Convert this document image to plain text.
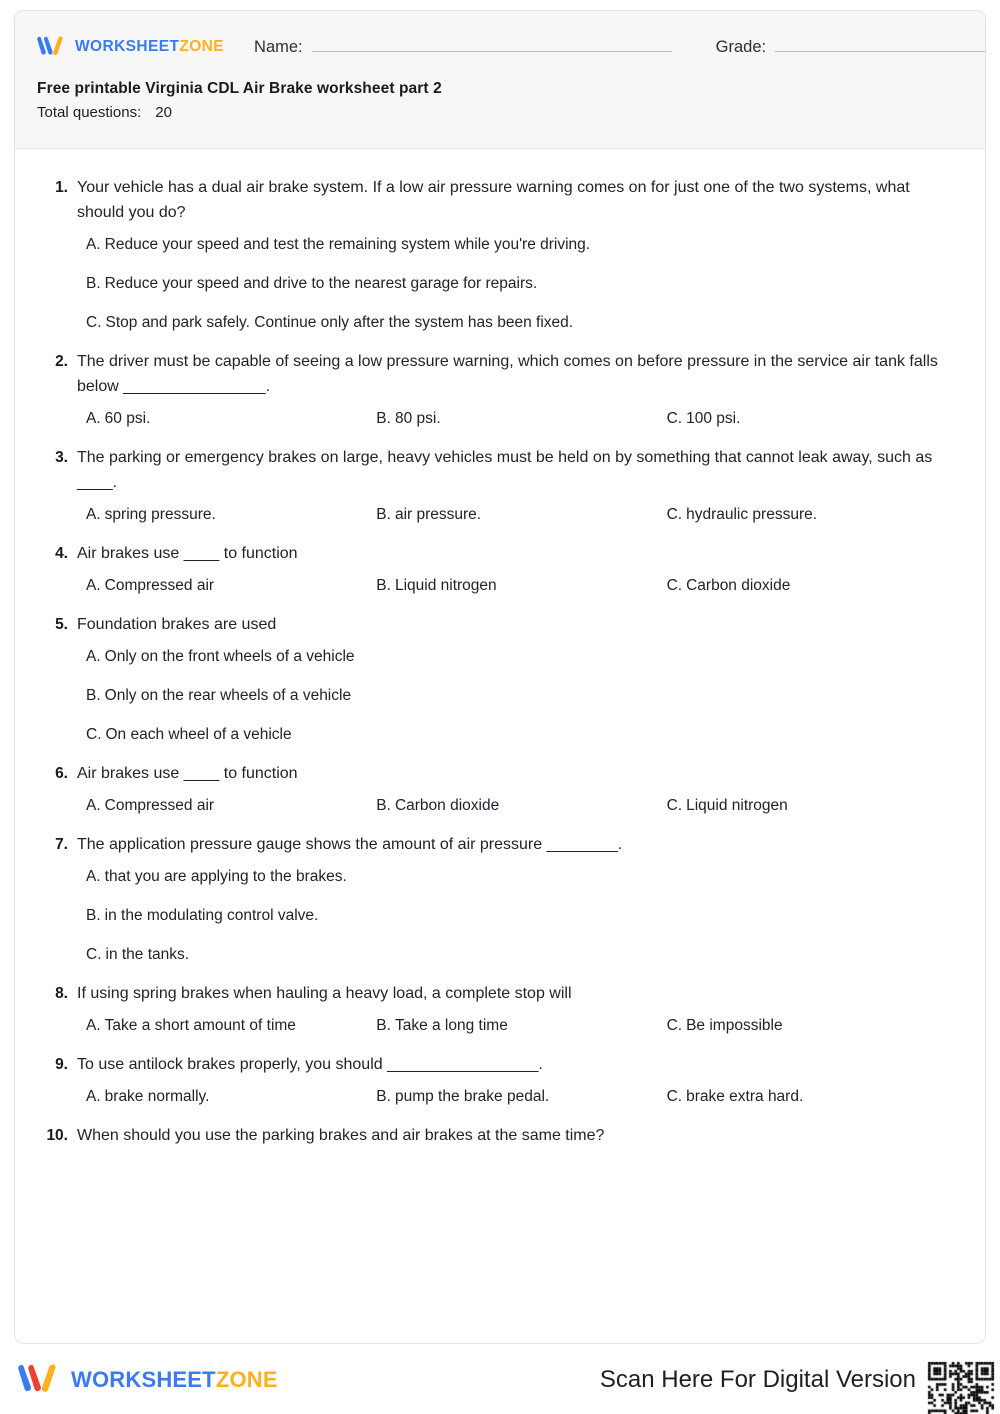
WORKSHEETZONE Name:	Grade:
Free printable Virginia CDL Air Brake worksheet part 2
Total questions: 20
1. Your vehicle has a dual air brake system. If a low air pressure warning comes on for just one of the two systems, what should you do?
A. Reduce your speed and test the remaining system while you're driving.
B. Reduce your speed and drive to the nearest garage for repairs.
C. Stop and park safely. Continue only after the system has been fixed.
2. The driver must be capable of seeing a low pressure warning, which comes on before pressure in the service air tank falls below ________________.
A. 60 psi.	B. 80 psi.	C. 100 psi.
3. The parking or emergency brakes on large, heavy vehicles must be held on by something that cannot leak away, such as ____.
A. spring pressure.	B. air pressure.	C. hydraulic pressure.
4. Air brakes use ____ to function
A. Compressed air	B. Liquid nitrogen	C. Carbon dioxide
5. Foundation brakes are used
A. Only on the front wheels of a vehicle
B. Only on the rear wheels of a vehicle
C. On each wheel of a vehicle
6. Air brakes use ____ to function
A. Compressed air	B. Carbon dioxide	C. Liquid nitrogen
7. The application pressure gauge shows the amount of air pressure ________.
A. that you are applying to the brakes.
B. in the modulating control valve.
C. in the tanks.
8. If using spring brakes when hauling a heavy load, a complete stop will
A. Take a short amount of time	B. Take a long time	C. Be impossible
9. To use antilock brakes properly, you should _________________.
A. brake normally.	B. pump the brake pedal.	C. brake extra hard.
10. When should you use the parking brakes and air brakes at the same time?
WORKSHEETZONE	Scan Here For Digital Version
